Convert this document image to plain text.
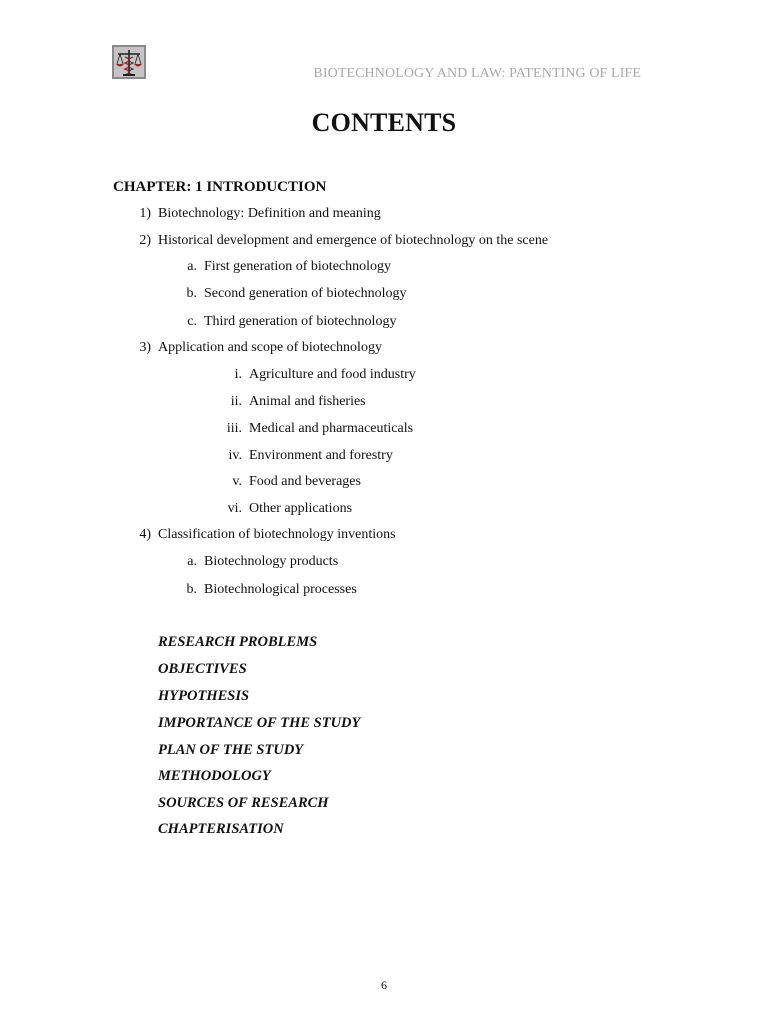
BIOTECHNOLOGY AND LAW: PATENTING OF LIFE
CONTENTS
CHAPTER: 1 INTRODUCTION
1) Biotechnology: Definition and meaning
2) Historical development and emergence of biotechnology on the scene
a. First generation of biotechnology
b. Second generation of biotechnology
c. Third generation of biotechnology
3) Application and scope of biotechnology
i. Agriculture and food industry
ii. Animal and fisheries
iii. Medical and pharmaceuticals
iv. Environment and forestry
v. Food and beverages
vi. Other applications
4) Classification of biotechnology inventions
a. Biotechnology products
b. Biotechnological processes
RESEARCH PROBLEMS
OBJECTIVES
HYPOTHESIS
IMPORTANCE OF THE STUDY
PLAN OF THE STUDY
METHODOLOGY
SOURCES OF RESEARCH
CHAPTERISATION
6
